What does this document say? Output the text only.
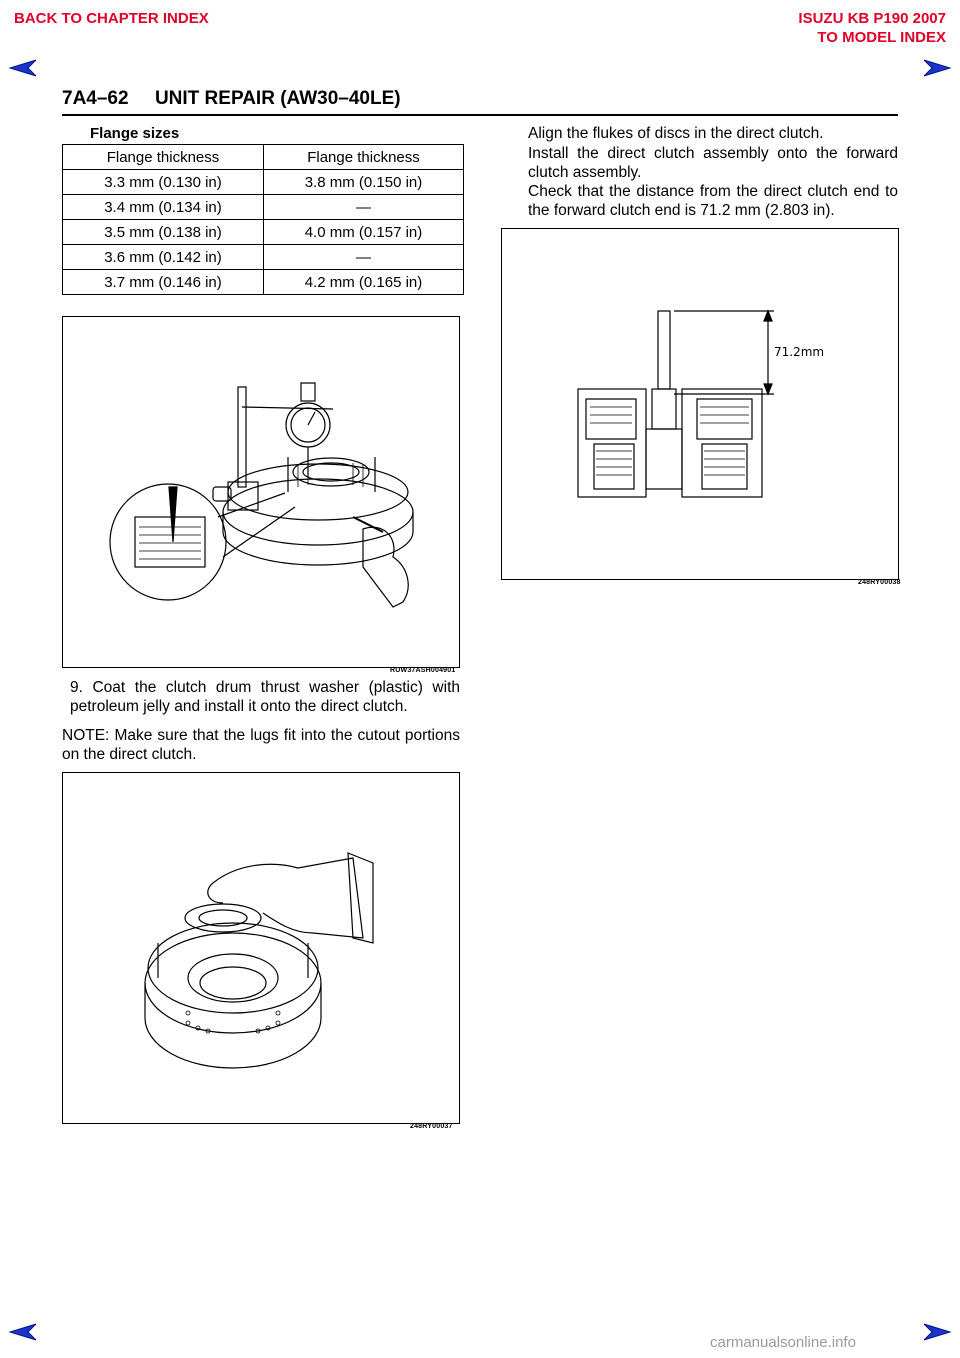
BACK TO CHAPTER INDEX	ISUZU KB P190 2007
TO MODEL INDEX
7A4–62     UNIT REPAIR (AW30–40LE)
Flange sizes
Flange thickness	Flange thickness
3.3 mm (0.130 in)	3.8 mm (0.150 in)
3.4 mm (0.134 in)	—
3.5 mm (0.138 in)	4.0 mm (0.157 in)
3.6 mm (0.142 in)	—
3.7 mm (0.146 in)	4.2 mm (0.165 in)
RUW37ASH004901
9. Coat the clutch drum thrust washer (plastic) with petroleum jelly and install it onto the direct clutch.
NOTE: Make sure that the lugs fit into the cutout portions on the direct clutch.
248RY00037
Align the flukes of discs in the direct clutch.
Install the direct clutch assembly onto the forward clutch assembly.
Check that the distance from the direct clutch end to the forward clutch end is 71.2 mm (2.803 in).
71.2mm
248RY00038
carmanualsonline.info
